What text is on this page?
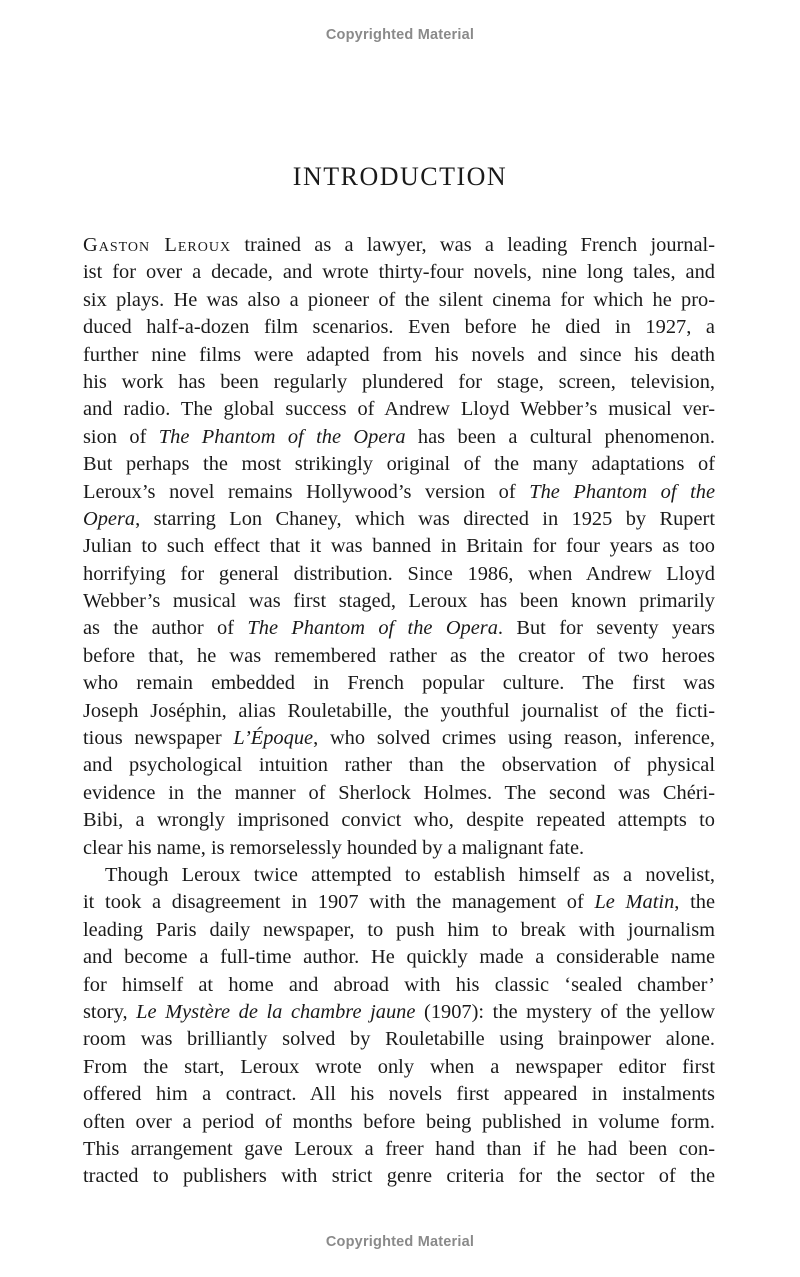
Copyrighted Material
INTRODUCTION
Gaston Leroux trained as a lawyer, was a leading French journal-
ist for over a decade, and wrote thirty-four novels, nine long tales, and
six plays. He was also a pioneer of the silent cinema for which he pro-
duced half-a-dozen film scenarios. Even before he died in 1927, a
further nine films were adapted from his novels and since his death
his work has been regularly plundered for stage, screen, television,
and radio. The global success of Andrew Lloyd Webber’s musical ver-
sion of The Phantom of the Opera has been a cultural phenomenon.
But perhaps the most strikingly original of the many adaptations of
Leroux’s novel remains Hollywood’s version of The Phantom of the
Opera, starring Lon Chaney, which was directed in 1925 by Rupert
Julian to such effect that it was banned in Britain for four years as too
horrifying for general distribution. Since 1986, when Andrew Lloyd
Webber’s musical was first staged, Leroux has been known primarily
as the author of The Phantom of the Opera. But for seventy years
before that, he was remembered rather as the creator of two heroes
who remain embedded in French popular culture. The first was
Joseph Joséphin, alias Rouletabille, the youthful journalist of the ficti-
tious newspaper L’Époque, who solved crimes using reason, inference,
and psychological intuition rather than the observation of physical
evidence in the manner of Sherlock Holmes. The second was Chéri-
Bibi, a wrongly imprisoned convict who, despite repeated attempts to
clear his name, is remorselessly hounded by a malignant fate.
Though Leroux twice attempted to establish himself as a novelist,
it took a disagreement in 1907 with the management of Le Matin, the
leading Paris daily newspaper, to push him to break with journalism
and become a full-time author. He quickly made a considerable name
for himself at home and abroad with his classic ‘sealed chamber’
story, Le Mystère de la chambre jaune (1907): the mystery of the yellow
room was brilliantly solved by Rouletabille using brainpower alone.
From the start, Leroux wrote only when a newspaper editor first
offered him a contract. All his novels first appeared in instalments
often over a period of months before being published in volume form.
This arrangement gave Leroux a freer hand than if he had been con-
tracted to publishers with strict genre criteria for the sector of the
Copyrighted Material
